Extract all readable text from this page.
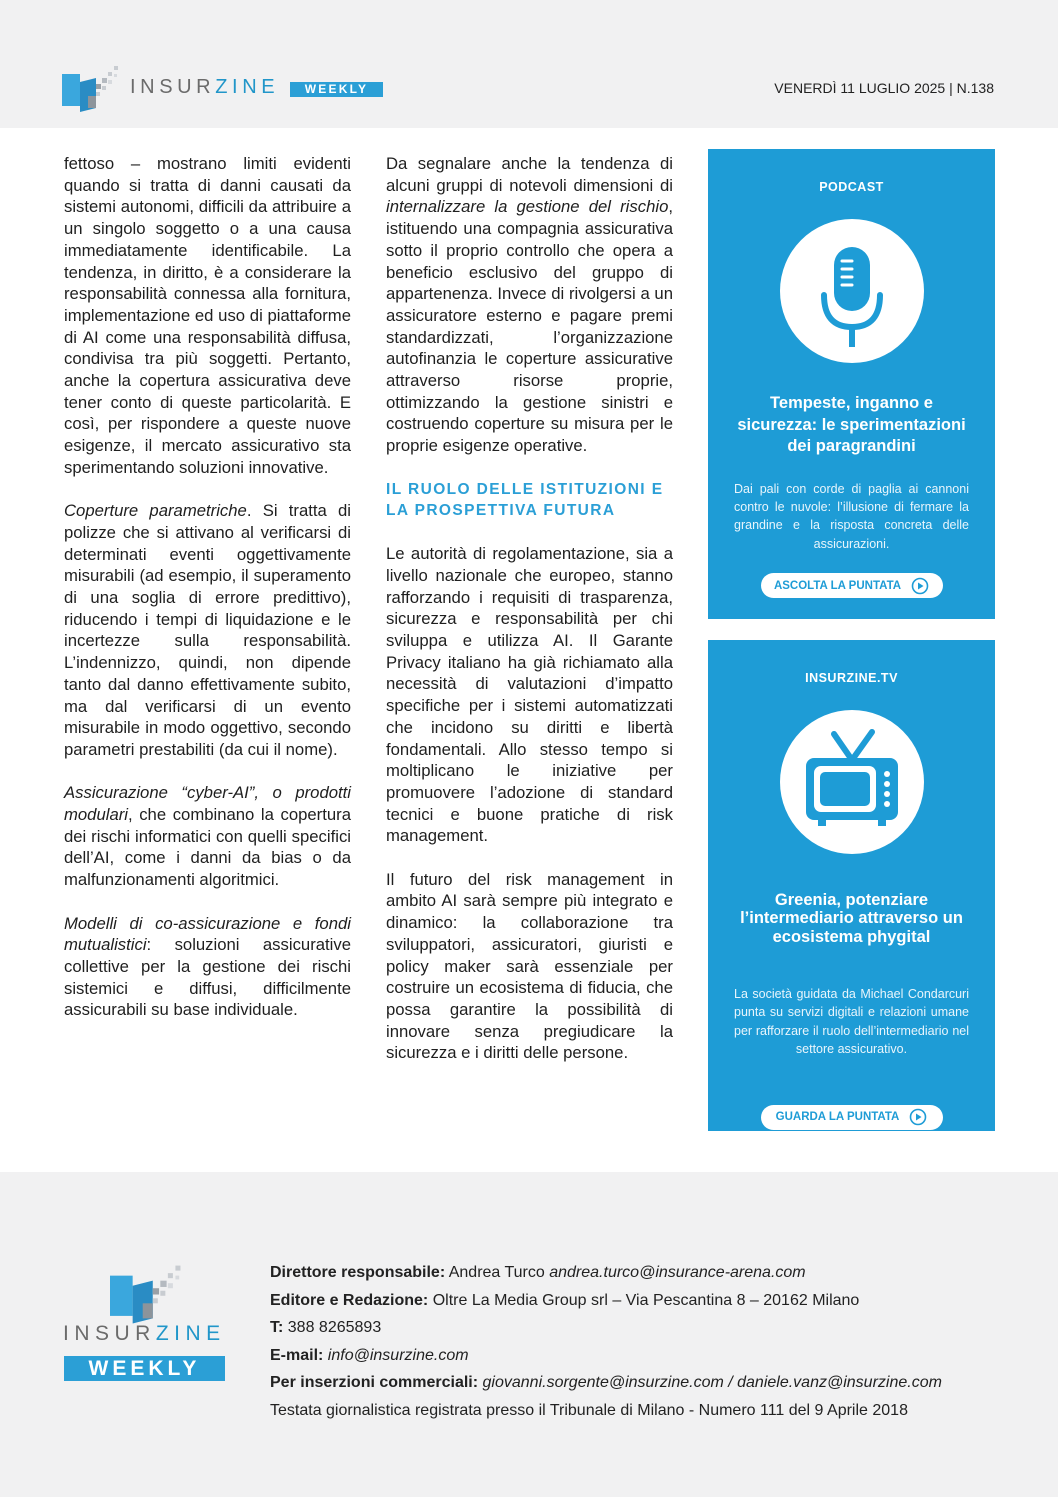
INSURZINE	WEEKLY	VENERDÌ 11 LUGLIO 2025 | N.138

fettoso – mostrano limiti evidenti quando si tratta di danni causati da sistemi autonomi, difficili da attribuire a un singolo soggetto o a una causa immediatamente identificabile. La tendenza, in diritto, è a considerare la responsabilità connessa alla fornitura, implementazione ed uso di piattaforme di AI come una responsabilità diffusa, condivisa tra più soggetti. Pertanto, anche la copertura assicurativa deve tener conto di queste particolarità. E così, per rispondere a queste nuove esigenze, il mercato assicurativo sta sperimentando soluzioni innovative.

Coperture parametriche. Si tratta di polizze che si attivano al verificarsi di determinati eventi oggettivamente misurabili (ad esempio, il superamento di una soglia di errore predittivo), riducendo i tempi di liquidazione e le incertezze sulla responsabilità. L’indennizzo, quindi, non dipende tanto dal danno effettivamente subito, ma dal verificarsi di un evento misurabile in modo oggettivo, secondo parametri prestabiliti (da cui il nome).

Assicurazione “cyber-AI”, o prodotti modulari, che combinano la copertura dei rischi informatici con quelli specifici dell’AI, come i danni da bias o da malfunzionamenti algoritmici.

Modelli di co-assicurazione e fondi mutualistici: soluzioni assicurative collettive per la gestione dei rischi sistemici e diffusi, difficilmente assicurabili su base individuale.

Da segnalare anche la tendenza di alcuni gruppi di notevoli dimensioni di internalizzare la gestione del rischio, istituendo una compagnia assicurativa sotto il proprio controllo che opera a beneficio esclusivo del gruppo di appartenenza. Invece di rivolgersi a un assicuratore esterno e pagare premi standardizzati, l’organizzazione autofinanzia le coperture assicurative attraverso risorse proprie, ottimizzando la gestione sinistri e costruendo coperture su misura per le proprie esigenze operative.

IL RUOLO DELLE ISTITUZIONI E LA PROSPETTIVA FUTURA

Le autorità di regolamentazione, sia a livello nazionale che europeo, stanno rafforzando i requisiti di trasparenza, sicurezza e responsabilità per chi sviluppa e utilizza AI. Il Garante Privacy italiano ha già richiamato alla necessità di valutazioni d’impatto specifiche per i sistemi automatizzati che incidono su diritti e libertà fondamentali. Allo stesso tempo si moltiplicano le iniziative per promuovere l’adozione di standard tecnici e buone pratiche di risk management.

Il futuro del risk management in ambito AI sarà sempre più integrato e dinamico: la collaborazione tra sviluppatori, assicuratori, giuristi e policy maker sarà essenziale per costruire un ecosistema di fiducia, che possa garantire la possibilità di innovare senza pregiudicare la sicurezza e i diritti delle persone.

PODCAST
Tempeste, inganno e sicurezza: le sperimentazioni dei paragrandini
Dai pali con corde di paglia ai cannoni contro le nuvole: l’illusione di fermare la grandine e la risposta concreta delle assicurazioni.
ASCOLTA LA PUNTATA
INSURZINE.TV
Greenia, potenziare l’intermediario attraverso un ecosistema phygital
La società guidata da Michael Condarcuri punta su servizi digitali e relazioni umane per rafforzare il ruolo dell’intermediario nel settore assicurativo.
GUARDA LA PUNTATA
INSURZINE
WEEKLY
Direttore responsabile: Andrea Turco andrea.turco@insurance-arena.com
Editore e Redazione: Oltre La Media Group srl – Via Pescantina 8 – 20162 Milano
T: 388 8265893
E-mail: info@insurzine.com
Per inserzioni commerciali: giovanni.sorgente@insurzine.com / daniele.vanz@insurzine.com
Testata giornalistica registrata presso il Tribunale di Milano - Numero 111 del 9 Aprile 2018
